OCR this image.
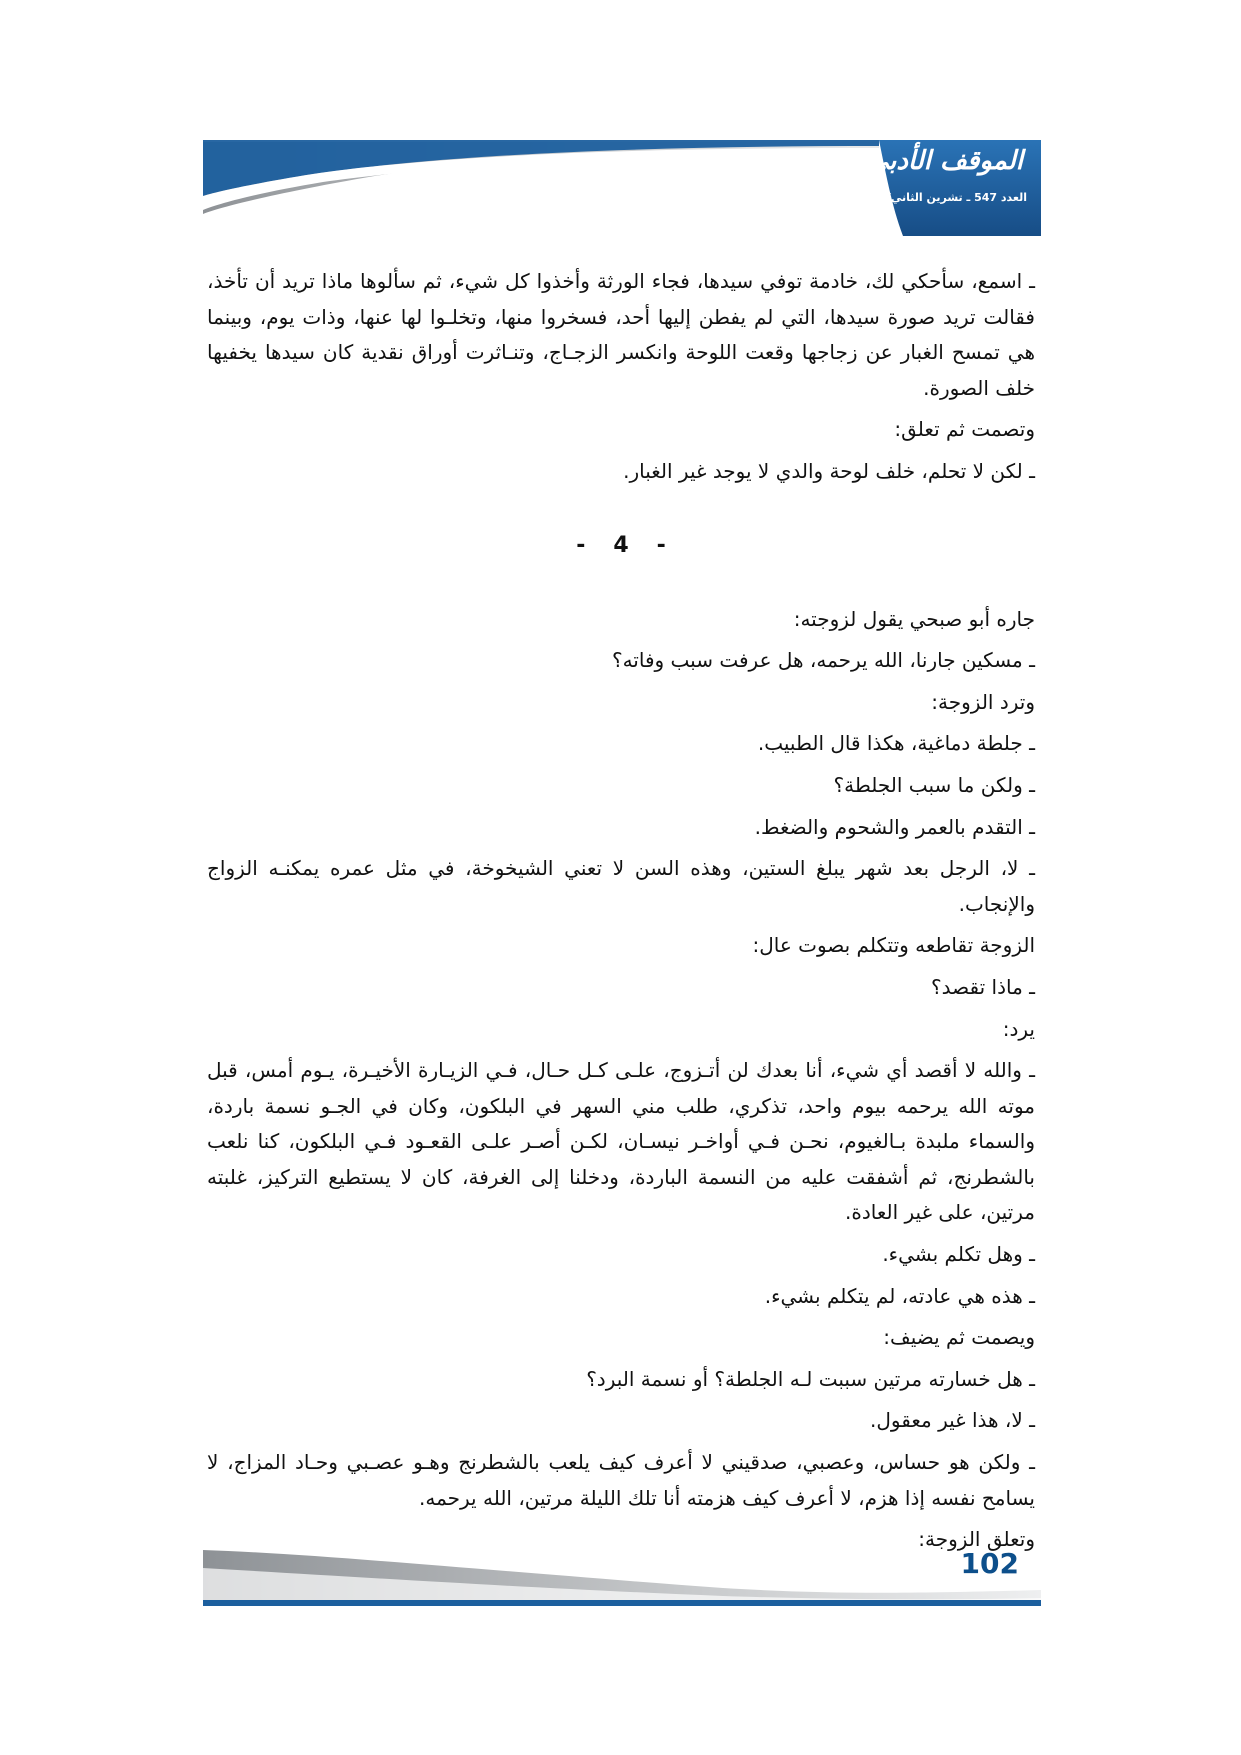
الموقف الأدبي
العدد 547 ـ تشرين الثاني/ 2016

ـ اسمع، سأحكي لك، خادمة توفي سيدها، فجاء الورثة وأخذوا كل شيء، ثم سألوها ماذا تريد أن تأخذ، فقالت تريد صورة سيدها، التي لم يفطن إليها أحد، فسخروا منها، وتخلـوا لها عنها، وذات يوم، وبينما هي تمسح الغبار عن زجاجها وقعت اللوحة وانكسر الزجـاج، وتنـاثرت أوراق نقدية كان سيدها يخفيها خلف الصورة.

وتصمت ثم تعلق:

ـ لكن لا تحلم، خلف لوحة والدي لا يوجد غير الغبار.

- 4 -

جاره أبو صبحي يقول لزوجته:

ـ مسكين جارنا، الله يرحمه، هل عرفت سبب وفاته؟

وترد الزوجة:

ـ جلطة دماغية، هكذا قال الطبيب.

ـ ولكن ما سبب الجلطة؟

ـ التقدم بالعمر والشحوم والضغط.

ـ لا، الرجل بعد شهر يبلغ الستين، وهذه السن لا تعني الشيخوخة، في مثل عمره يمكنـه الزواج والإنجاب.

الزوجة تقاطعه وتتكلم بصوت عال:

ـ ماذا تقصد؟

يرد:

ـ والله لا أقصد أي شيء، أنا بعدك لن أتـزوج، علـى كـل حـال، فـي الزيـارة الأخيـرة، يـوم أمس، قبل موته الله يرحمه بيوم واحد، تذكري، طلب مني السهر في البلكون، وكان في الجـو نسمة باردة، والسماء ملبدة بـالغيوم، نحـن فـي أواخـر نيسـان، لكـن أصـر علـى القعـود فـي البلكون، كنا نلعب بالشطرنج، ثم أشفقت عليه من النسمة الباردة، ودخلنا إلى الغرفة، كان لا يستطيع التركيز، غلبته مرتين، على غير العادة.

ـ وهل تكلم بشيء.

ـ هذه هي عادته، لم يتكلم بشيء.

ويصمت ثم يضيف:

ـ هل خسارته مرتين سببت لـه الجلطة؟ أو نسمة البرد؟

ـ لا، هذا غير معقول.

ـ ولكن هو حساس، وعصبي، صدقيني لا أعرف كيف يلعب بالشطرنج وهـو عصـبي وحـاد المزاج، لا يسامح نفسه إذا هزم، لا أعرف كيف هزمته أنا تلك الليلة مرتين، الله يرحمه.

وتعلق الزوجة:

102
